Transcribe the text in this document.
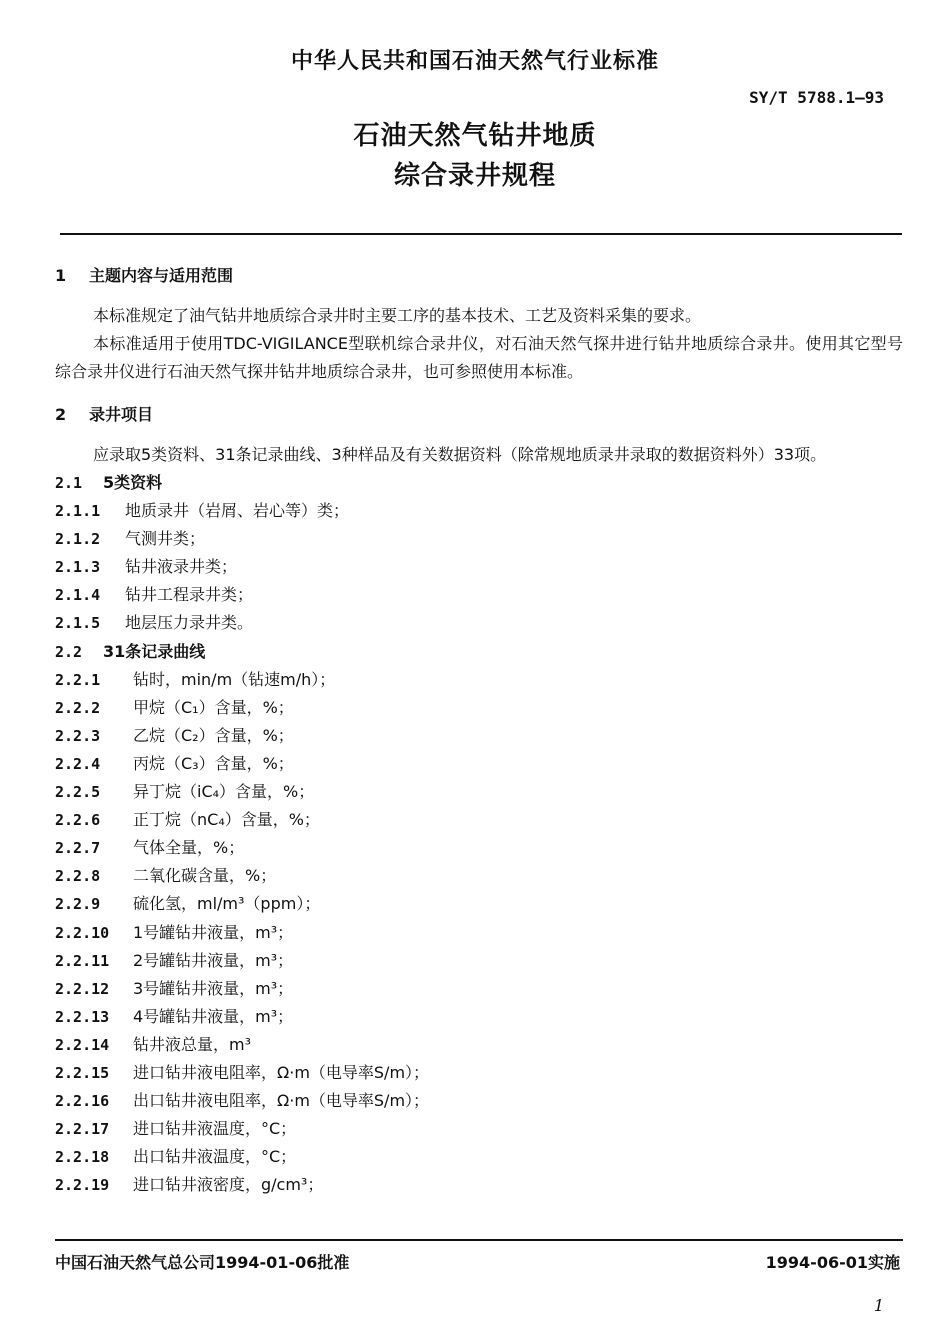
中华人民共和国石油天然气行业标准
SY/T 5788.1—93
石油天然气钻井地质
综合录井规程
1 主题内容与适用范围

本标准规定了油气钻井地质综合录井时主要工序的基本技术、工艺及资料采集的要求。

本标准适用于使用TDC-VIGILANCE型联机综合录井仪，对石油天然气探井进行钻井地质综合录井。使用其它型号综合录井仪进行石油天然气探井钻井地质综合录井，也可参照使用本标准。

2 录井项目

应录取5类资料、31条记录曲线、3种样品及有关数据资料（除常规地质录井录取的数据资料外）33项。

2.1 5类资料
2.1.1 地质录井（岩屑、岩心等）类；
2.1.2 气测井类；
2.1.3 钻井液录井类；
2.1.4 钻井工程录井类；
2.1.5 地层压力录井类。
2.2 31条记录曲线
2.2.1 钻时，min/m（钻速m/h）；
2.2.2 甲烷（C₁）含量，%；
2.2.3 乙烷（C₂）含量，%；
2.2.4 丙烷（C₃）含量，%；
2.2.5 异丁烷（iC₄）含量，%；
2.2.6 正丁烷（nC₄）含量，%；
2.2.7 气体全量，%；
2.2.8 二氧化碳含量，%；
2.2.9 硫化氢，ml/m³（ppm）；
2.2.10 1号罐钻井液量，m³；
2.2.11 2号罐钻井液量，m³；
2.2.12 3号罐钻井液量，m³；
2.2.13 4号罐钻井液量，m³；
2.2.14 钻井液总量，m³
2.2.15 进口钻井液电阻率，Ω·m（电导率S/m）；
2.2.16 出口钻井液电阻率，Ω·m（电导率S/m）；
2.2.17 进口钻井液温度，°C；
2.2.18 出口钻井液温度，°C；
2.2.19 进口钻井液密度，g/cm³；
中国石油天然气总公司1994-01-06批准	1994-06-01实施
1
